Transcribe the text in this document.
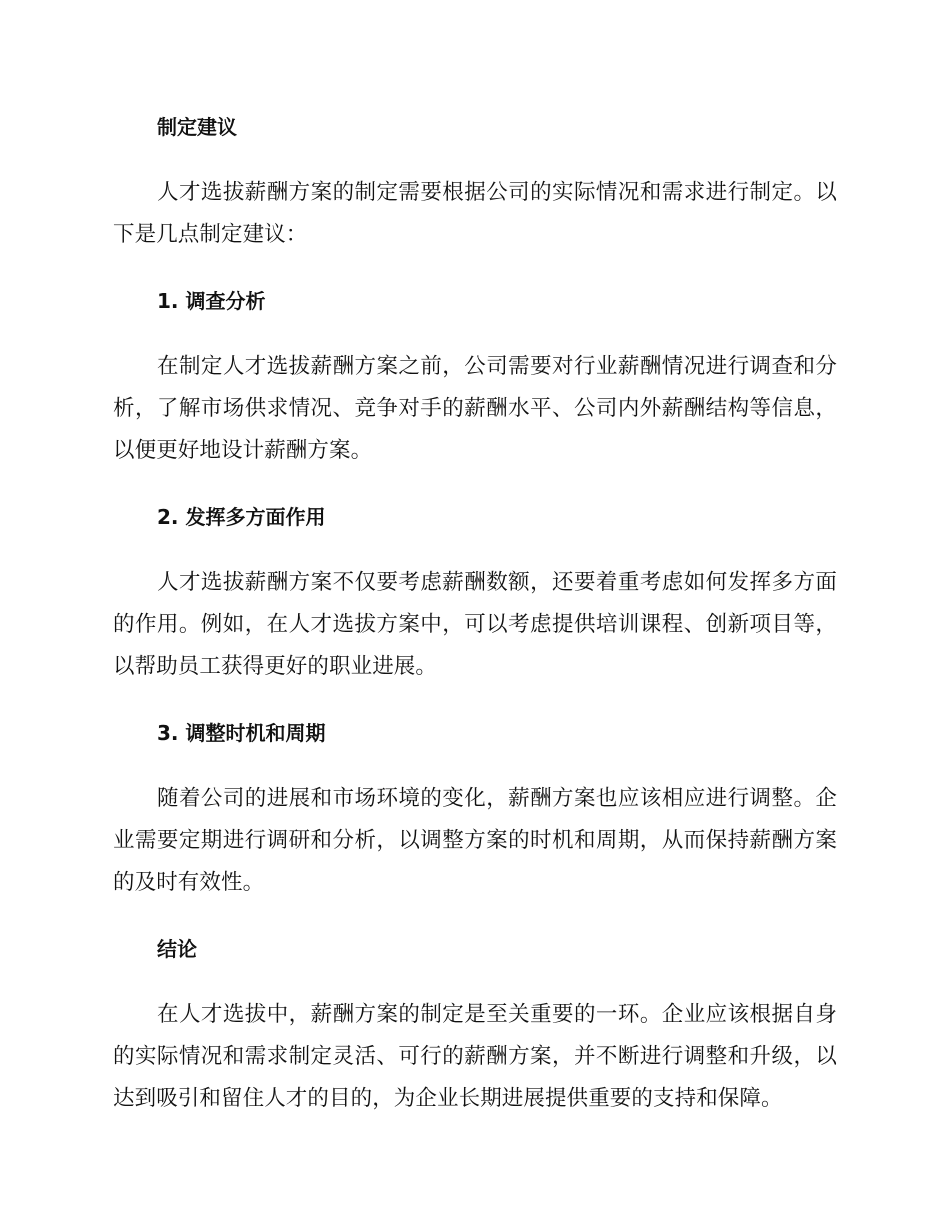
制定建议
人才选拔薪酬方案的制定需要根据公司的实际情况和需求进行制定。以
下是几点制定建议：
1. 调查分析
在制定人才选拔薪酬方案之前，公司需要对行业薪酬情况进行调查和分
析，了解市场供求情况、竞争对手的薪酬水平、公司内外薪酬结构等信息，
以便更好地设计薪酬方案。
2. 发挥多方面作用
人才选拔薪酬方案不仅要考虑薪酬数额，还要着重考虑如何发挥多方面
的作用。例如，在人才选拔方案中，可以考虑提供培训课程、创新项目等，
以帮助员工获得更好的职业进展。
3. 调整时机和周期
随着公司的进展和市场环境的变化，薪酬方案也应该相应进行调整。企
业需要定期进行调研和分析，以调整方案的时机和周期，从而保持薪酬方案
的及时有效性。
结论
在人才选拔中，薪酬方案的制定是至关重要的一环。企业应该根据自身
的实际情况和需求制定灵活、可行的薪酬方案，并不断进行调整和升级，以
达到吸引和留住人才的目的，为企业长期进展提供重要的支持和保障。
